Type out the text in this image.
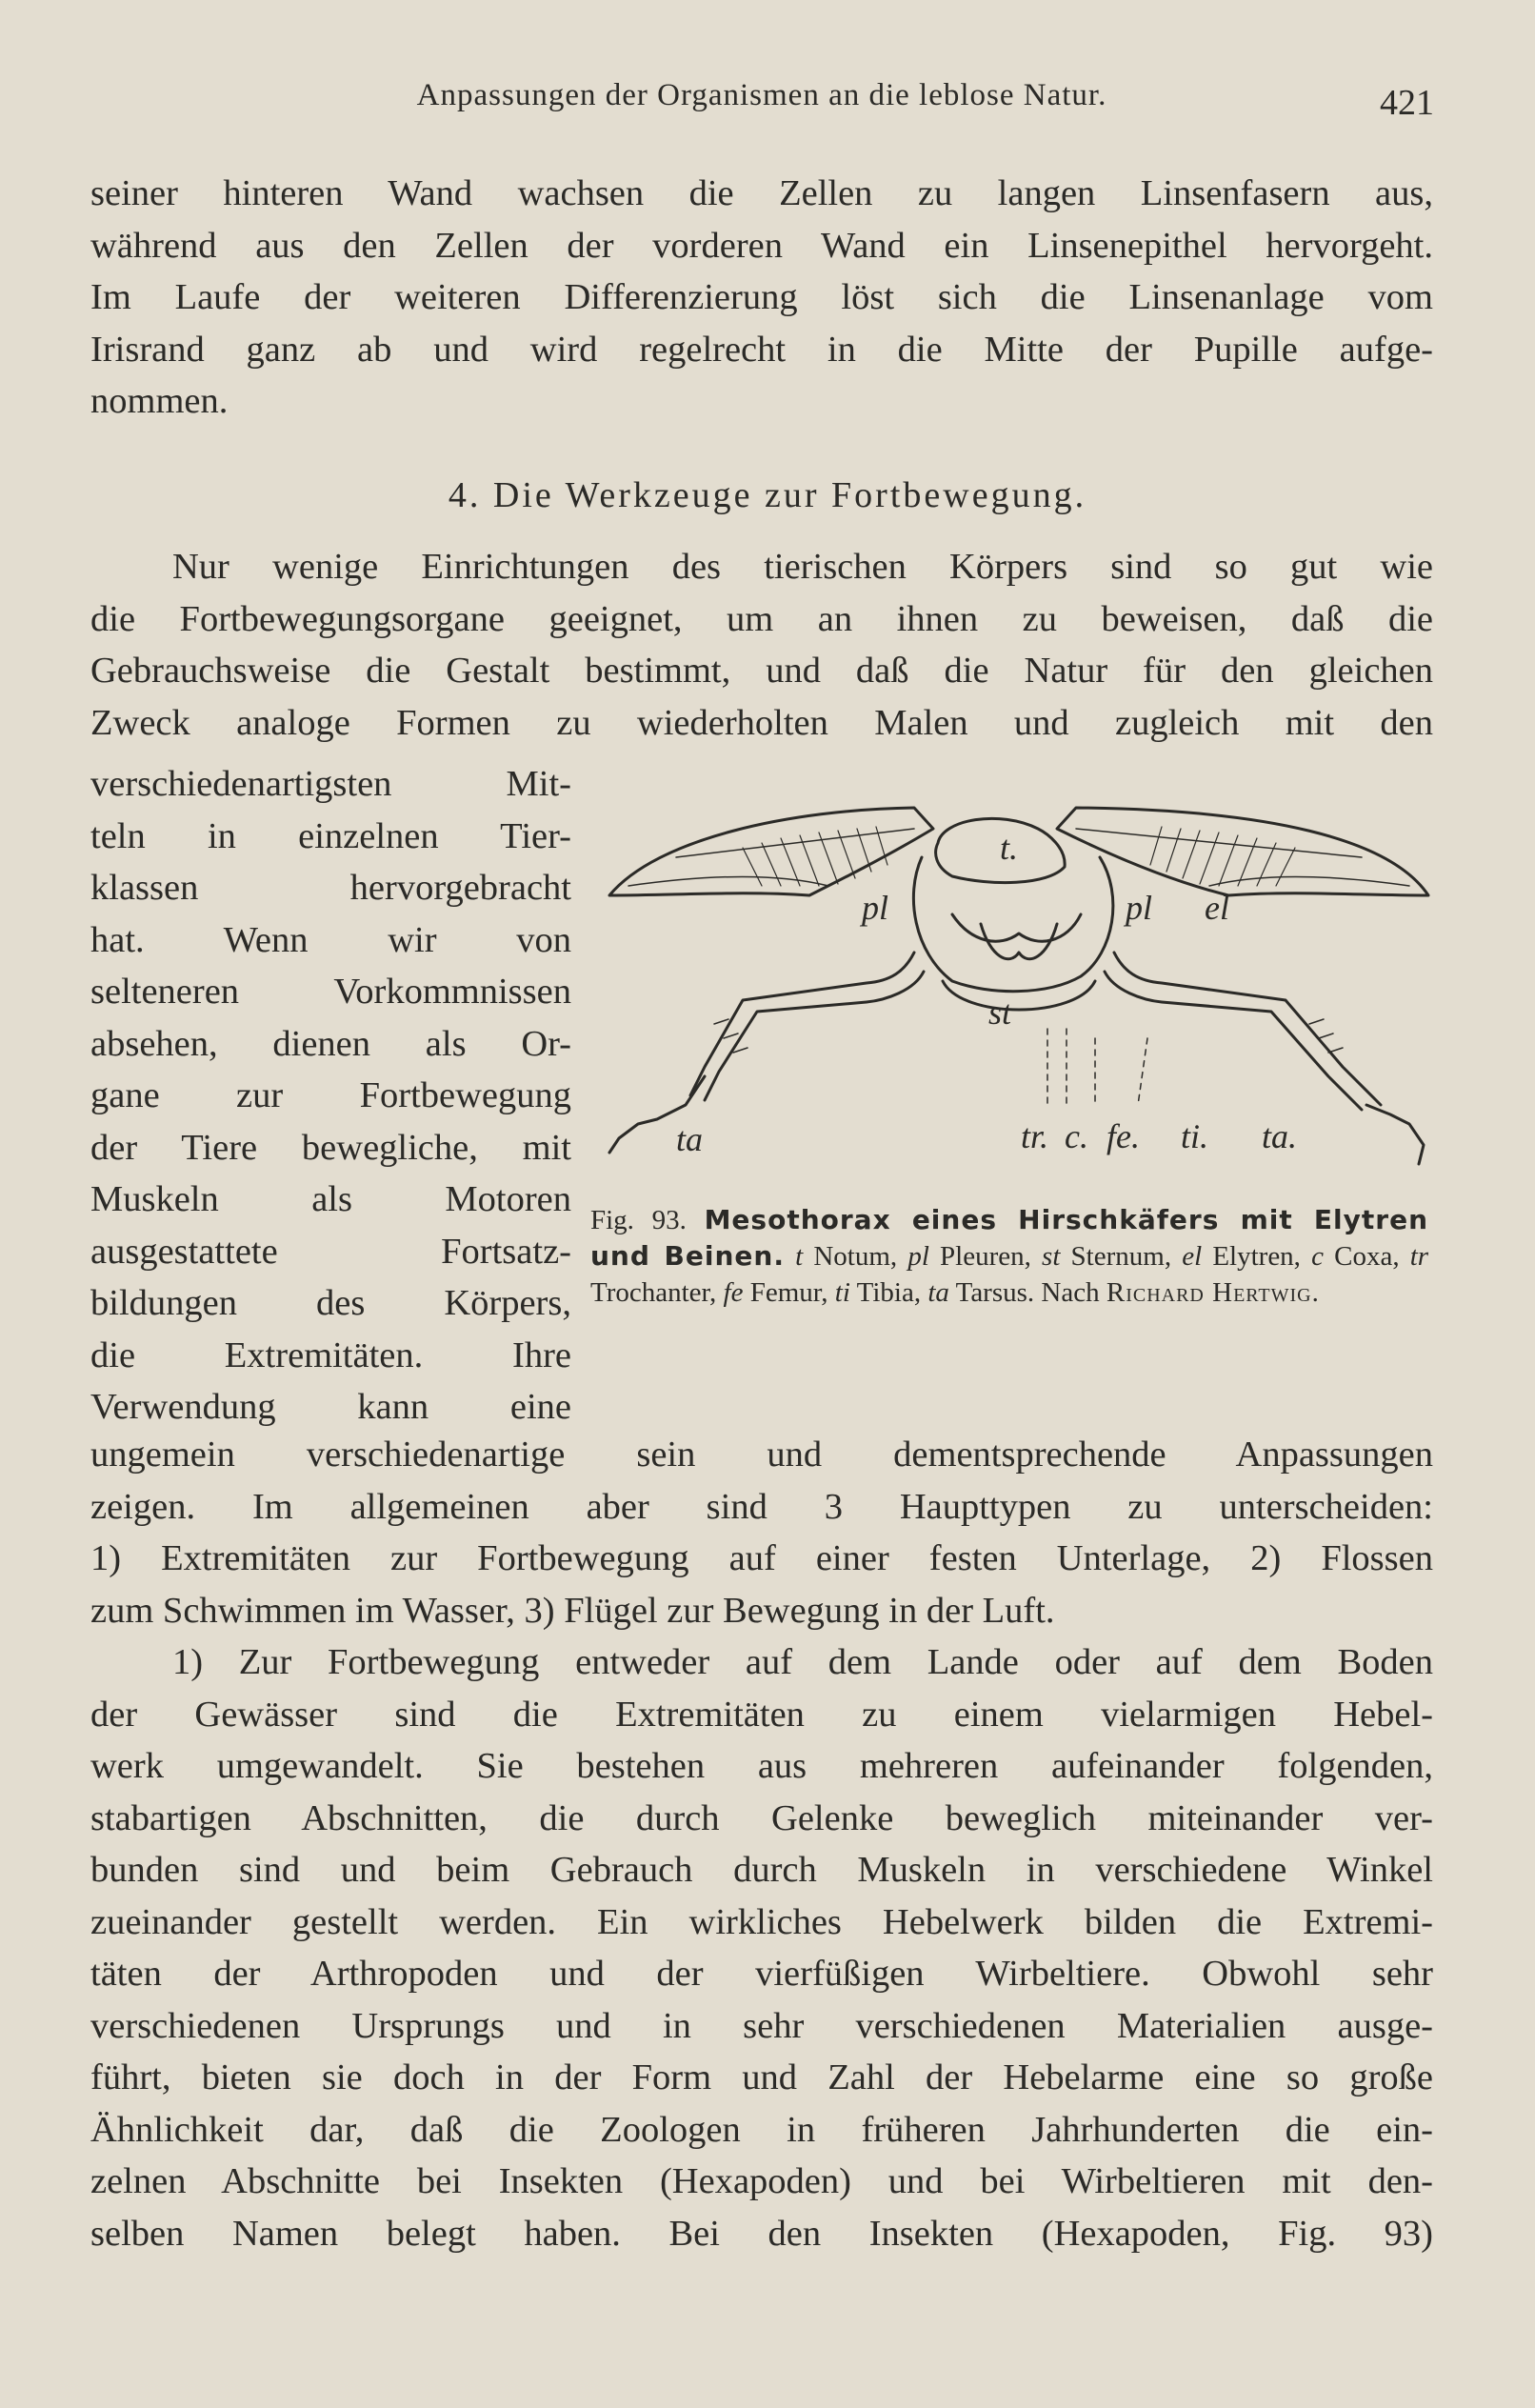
Anpassungen der Organismen an die leblose Natur.	421
seiner hinteren Wand wachsen die Zellen zu langen Linsenfasern aus,
während aus den Zellen der vorderen Wand ein Linsenepithel hervorgeht.
Im Laufe der weiteren Differenzierung löst sich die Linsenanlage vom
Irisrand ganz ab und wird regelrecht in die Mitte der Pupille aufge-
nommen.
4. Die Werkzeuge zur Fortbewegung.
Nur wenige Einrichtungen des tierischen Körpers sind so gut wie
die Fortbewegungsorgane geeignet, um an ihnen zu beweisen, daß die
Gebrauchsweise die Gestalt bestimmt, und daß die Natur für den gleichen
Zweck analoge Formen zu wiederholten Malen und zugleich mit den
verschiedenartigsten Mit-
teln in einzelnen Tier-
klassen hervorgebracht
hat. Wenn wir von
selteneren Vorkommnissen
absehen, dienen als Or-
gane zur Fortbewegung
der Tiere bewegliche, mit
Muskeln als Motoren
ausgestattete Fortsatz-
bildungen des Körpers,
die Extremitäten. Ihre
Verwendung kann eine
t.
pl	pl el
st
tr. c. fe. ti. ta.
ta
Fig. 93. Mesothorax eines Hirschkäfers mit Elytren und Beinen. t Notum, pl Pleuren, st Sternum, el Elytren, c Coxa, tr Trochanter, fe Femur, ti Tibia, ta Tarsus. Nach Richard Hertwig.
ungemein verschiedenartige sein und dementsprechende Anpassungen
zeigen. Im allgemeinen aber sind 3 Haupttypen zu unterscheiden:
1) Extremitäten zur Fortbewegung auf einer festen Unterlage, 2) Flossen
zum Schwimmen im Wasser, 3) Flügel zur Bewegung in der Luft.
1) Zur Fortbewegung entweder auf dem Lande oder auf dem Boden
der Gewässer sind die Extremitäten zu einem vielarmigen Hebel-
werk umgewandelt. Sie bestehen aus mehreren aufeinander folgenden,
stabartigen Abschnitten, die durch Gelenke beweglich miteinander ver-
bunden sind und beim Gebrauch durch Muskeln in verschiedene Winkel
zueinander gestellt werden. Ein wirkliches Hebelwerk bilden die Extremi-
täten der Arthropoden und der vierfüßigen Wirbeltiere. Obwohl sehr
verschiedenen Ursprungs und in sehr verschiedenen Materialien ausge-
führt, bieten sie doch in der Form und Zahl der Hebelarme eine so große
Ähnlichkeit dar, daß die Zoologen in früheren Jahrhunderten die ein-
zelnen Abschnitte bei Insekten (Hexapoden) und bei Wirbeltieren mit den-
selben Namen belegt haben. Bei den Insekten (Hexapoden, Fig. 93)
